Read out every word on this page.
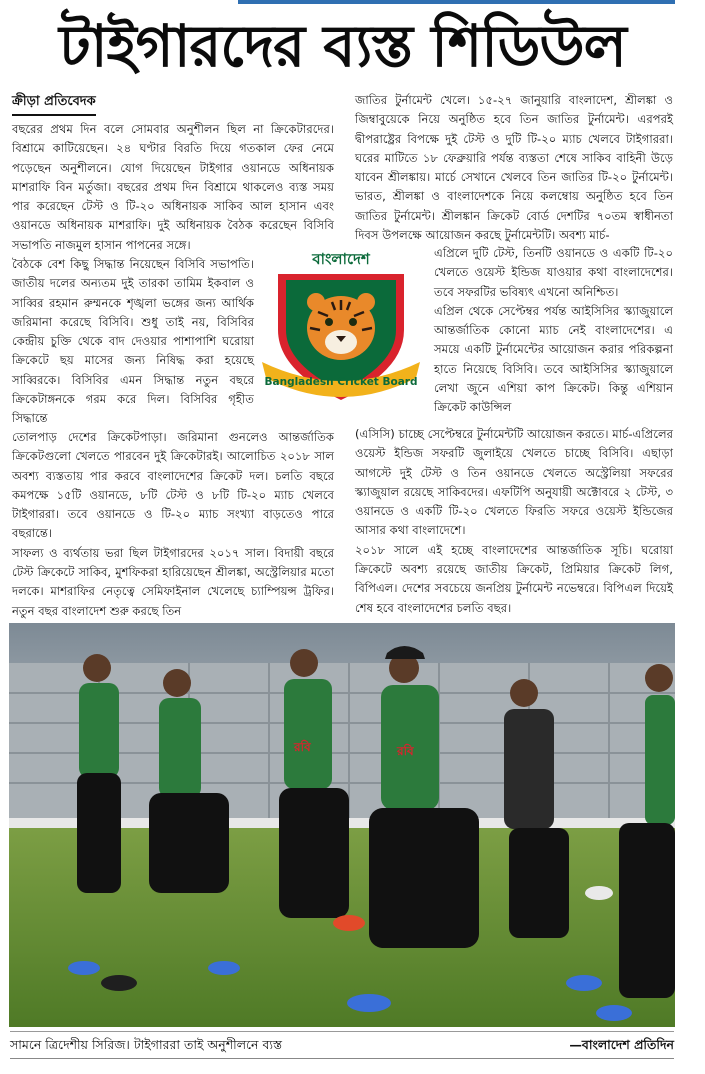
টাইগারদের ব্যস্ত শিডিউল
ক্রীড়া প্রতিবেদক

বছরের প্রথম দিন বলে সোমবার অনুশীলন ছিল না ক্রিকেটারদের। বিশ্রামে কাটিয়েছেন। ২৪ ঘণ্টার বিরতি দিয়ে গতকাল ফের নেমে পড়েছেন অনুশীলনে। যোগ দিয়েছেন টাইগার ওয়ানডে অধিনায়ক মাশরাফি বিন মর্তুজা। বছরের প্রথম দিন বিশ্রামে থাকলেও ব্যস্ত সময় পার করেছেন টেস্ট ও টি-২০ অধিনায়ক সাকিব আল হাসান এবং ওয়ানডে অধিনায়ক মাশরাফি। দুই অধিনায়ক বৈঠক করেছেন বিসিবি সভাপতি নাজমুল হাসান পাপনের সঙ্গে।

বৈঠকে বেশ কিছু সিদ্ধান্ত নিয়েছেন বিসিবি সভাপতি। জাতীয় দলের অন্যতম দুই তারকা তামিম ইকবাল ও সাব্বির রহমান রুম্মনকে শৃঙ্খলা ভঙ্গের জন্য আর্থিক জরিমানা করেছে বিসিবি। শুধু তাই নয়, বিসিবির কেন্দ্রীয় চুক্তি থেকে বাদ দেওয়ার পাশাপাশি ঘরোয়া ক্রিকেটে ছয় মাসের জন্য নিষিদ্ধ করা হয়েছে সাব্বিরকে। বিসিবির এমন সিদ্ধান্ত নতুন বছরে ক্রিকেটাঙ্গনকে গরম করে দিল। বিসিবির গৃহীত সিদ্ধান্তে

তোলপাড় দেশের ক্রিকেটপাড়া। জরিমানা গুনলেও আন্তর্জাতিক ক্রিকেটগুলো খেলতে পারবেন দুই ক্রিকেটারই। আলোচিত ২০১৮ সাল অবশ্য ব্যস্ততায় পার করবে বাংলাদেশের ক্রিকেট দল। চলতি বছরে কমপক্ষে ১৫টি ওয়ানডে, ৮টি টেস্ট ও ৮টি টি-২০ ম্যাচ খেলবে টাইগাররা। তবে ওয়ানডে ও টি-২০ ম্যাচ সংখ্যা বাড়তেও পারে বছরান্তে।

সাফল্য ও ব্যর্থতায় ভরা ছিল টাইগারদের ২০১৭ সাল। বিদায়ী বছরে টেস্ট ক্রিকেটে সাকিব, মুশফিকরা হারিয়েছেন শ্রীলঙ্কা, অস্ট্রেলিয়ার মতো দলকে। মাশরাফির নেতৃত্বে সেমিফাইনাল খেলেছে চ্যাম্পিয়ন্স ট্রফির। নতুন বছর বাংলাদেশ শুরু করছে তিন

জাতির টুর্নামেন্ট খেলে। ১৫-২৭ জানুয়ারি বাংলাদেশ, শ্রীলঙ্কা ও জিম্বাবুয়েকে নিয়ে অনুষ্ঠিত হবে তিন জাতির টুর্নামেন্ট। এরপরই দ্বীপরাষ্ট্রের বিপক্ষে দুই টেস্ট ও দুটি টি-২০ ম্যাচ খেলবে টাইগাররা। ঘরের মাটিতে ১৮ ফেব্রুয়ারি পর্যন্ত ব্যস্ততা শেষে সাকিব বাহিনী উড়ে যাবেন শ্রীলঙ্কায়। মার্চে সেখানে খেলবে তিন জাতির টি-২০ টুর্নামেন্ট। ভারত, শ্রীলঙ্কা ও বাংলাদেশকে নিয়ে কলম্বোয় অনুষ্ঠিত হবে তিন জাতির টুর্নামেন্ট। শ্রীলঙ্কান ক্রিকেট বোর্ড দেশটির ৭০তম স্বাধীনতা দিবস উপলক্ষে আয়োজন করছে টুর্নামেন্টটি। অবশ্য মার্চ-

এপ্রিলে দুটি টেস্ট, তিনটি ওয়ানডে ও একটি টি-২০ খেলতে ওয়েস্ট ইন্ডিজ যাওয়ার কথা বাংলাদেশের। তবে সফরটির ভবিষ্যৎ এখনো অনিশ্চিত।

এপ্রিল থেকে সেপ্টেম্বর পর্যন্ত আইসিসির স্ক্যাজুয়ালে আন্তর্জাতিক কোনো ম্যাচ নেই বাংলাদেশের। এ সময়ে একটি টুর্নামেন্টের আয়োজন করার পরিকল্পনা হাতে নিয়েছে বিসিবি। তবে আইসিসির স্ক্যাজুয়ালে লেখা জুনে এশিয়া কাপ ক্রিকেট। কিন্তু এশিয়ান ক্রিকেট কাউন্সিল

(এসিসি) চাচ্ছে সেপ্টেম্বরে টুর্নামেন্টটি আয়োজন করতে। মার্চ-এপ্রিলের ওয়েস্ট ইন্ডিজ সফরটি জুলাইয়ে খেলতে চাচ্ছে বিসিবি। এছাড়া আগস্টে দুই টেস্ট ও তিন ওয়ানডে খেলতে অস্ট্রেলিয়া সফরের স্ক্যাজুয়াল রয়েছে সাকিবদের। এফটিপি অনুযায়ী অক্টোবরে ২ টেস্ট, ৩ ওয়ানডে ও একটি টি-২০ খেলতে ফিরতি সফরে ওয়েস্ট ইন্ডিজের আসার কথা বাংলাদেশে।

২০১৮ সালে এই হচ্ছে বাংলাদেশের আন্তর্জাতিক সূচি। ঘরোয়া ক্রিকেটে অবশ্য রয়েছে জাতীয় ক্রিকেট, প্রিমিয়ার ক্রিকেট লিগ, বিপিএল। দেশের সবচেয়ে জনপ্রিয় টুর্নামেন্ট নভেম্বরে। বিপিএল দিয়েই শেষ হবে বাংলাদেশের চলতি বছর।

বাংলাদেশ
Bangladesh Cricket Board
রবি	রবি
সামনে ত্রিদেশীয় সিরিজ। টাইগাররা তাই অনুশীলনে ব্যস্ত	—বাংলাদেশ প্রতিদিন
